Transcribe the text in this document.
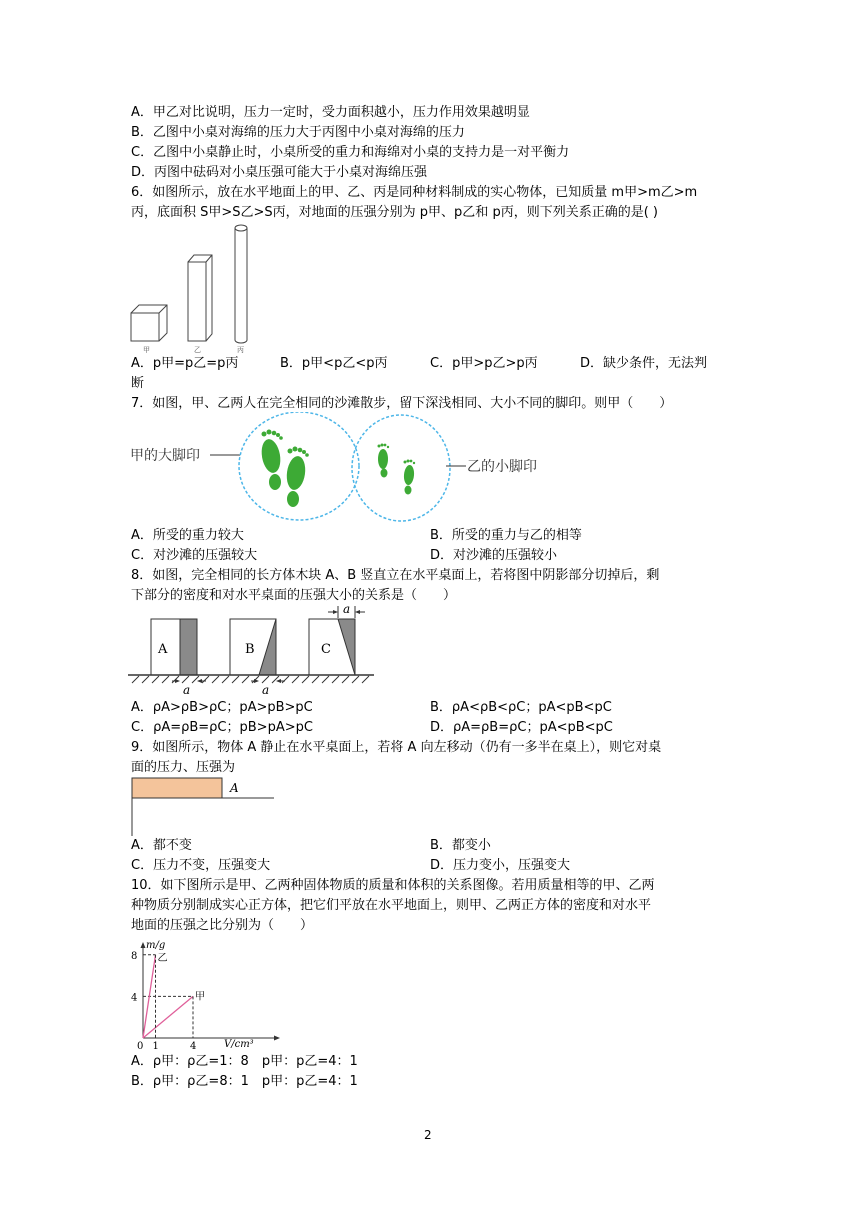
A．甲乙对比说明，压力一定时，受力面积越小，压力作用效果越明显
B．乙图中小桌对海绵的压力大于丙图中小桌对海绵的压力
C．乙图中小桌静止时，小桌所受的重力和海绵对小桌的支持力是一对平衡力
D．丙图中砝码对小桌压强可能大于小桌对海绵压强
6．如图所示，放在水平地面上的甲、乙、丙是同种材料制成的实心物体，已知质量 m甲>m乙>m
丙，底面积 S甲>S乙>S丙，对地面的压强分别为 p甲、p乙和 p丙，则下列关系正确的是( )
甲	乙	丙
A．p甲=p乙=p丙	B．p甲<p乙<p丙	C．p甲>p乙>p丙	D．缺少条件，无法判
断
7．如图，甲、乙两人在完全相同的沙滩散步，留下深浅相同、大小不同的脚印。则甲（　　）
甲的大脚印
乙的小脚印
A．所受的重力较大	B．所受的重力与乙的相等
C．对沙滩的压强较大	D．对沙滩的压强较小
8．如图，完全相同的长方体木块 A、B 竖直立在水平桌面上，若将图中阴影部分切掉后，剩
下部分的密度和对水平桌面的压强大小的关系是（　　）
A	B	C
a
a	a
A．ρA>ρB>ρC；pA>pB>pC	B．ρA<ρB<ρC；pA<pB<pC
C．ρA=ρB=ρC；pB>pA>pC	D．ρA=ρB=ρC；pA<pB<pC
9．如图所示，物体 A 静止在水平桌面上，若将 A 向左移动（仍有一多半在桌上），则它对桌
面的压力、压强为
A
A．都不变	B．都变小
C．压力不变，压强变大	D．压力变小，压强变大
10．如下图所示是甲、乙两种固体物质的质量和体积的关系图像。若用质量相等的甲、乙两
种物质分别制成实心正方体，把它们平放在水平地面上，则甲、乙两正方体的密度和对水平
地面的压强之比分别为（　　）
m/g
V/cm³
0
甲
乙
1	4
4
8
A．ρ甲：ρ乙=1：8　p甲：p乙=4：1
B．ρ甲：ρ乙=8：1　p甲：p乙=4：1
2
